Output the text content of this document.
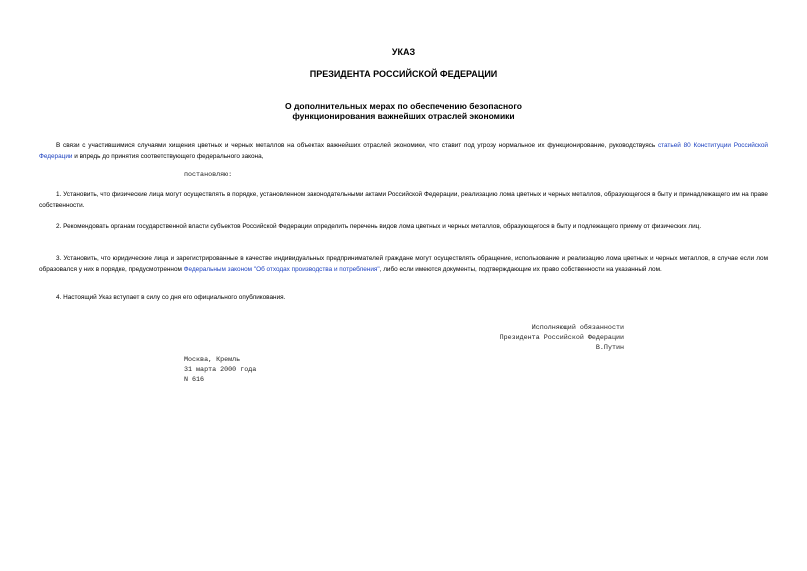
УКАЗ
ПРЕЗИДЕНТА РОССИЙСКОЙ ФЕДЕРАЦИИ
О дополнительных мерах по обеспечению безопасного
функционирования важнейших отраслей экономики
В связи с участившимися случаями хищения цветных и черных металлов на объектах важнейших отраслей экономики, что ставит под угрозу нормальное их функционирование, руководствуясь статьей 80 Конституции Российской Федерации и впредь до принятия соответствующего федерального закона,
постановляю:
1. Установить, что физические лица могут осуществлять в порядке, установленном законодательными актами Российской Федерации, реализацию лома цветных и черных металлов, образующегося в быту и принадлежащего им на праве собственности.
2. Рекомендовать органам государственной власти субъектов Российской Федерации определить перечень видов лома цветных и черных металлов, образующегося в быту и подлежащего приему от физических лиц.
3. Установить, что юридические лица и зарегистрированные в качестве индивидуальных предпринимателей граждане могут осуществлять обращение, использование и реализацию лома цветных и черных металлов, в случае если лом образовался у них в порядке, предусмотренном Федеральным законом "Об отходах производства и потребления", либо если имеются документы, подтверждающие их право собственности на указанный лом.
4. Настоящий Указ вступает в силу со дня его официального опубликования.
Исполняющий обязанности
Президента Российской Федерации
В.Путин
Москва, Кремль
31 марта 2000 года
N 616
